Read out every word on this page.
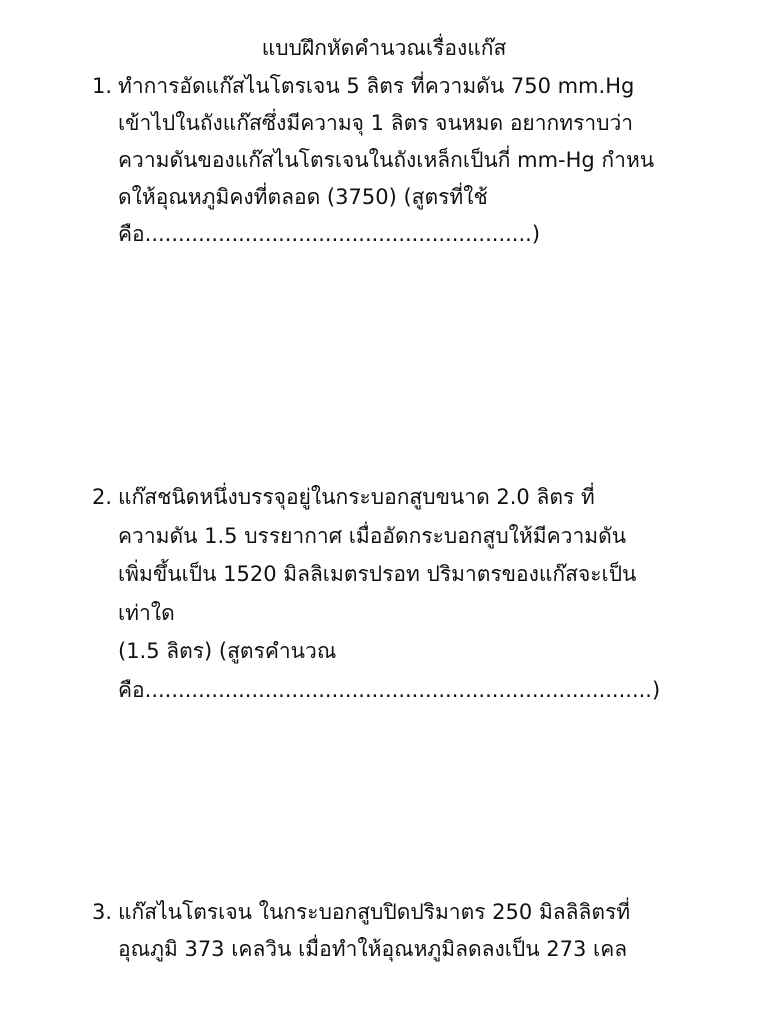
แบบฝึกหัดคำนวณเรื่องแก๊ส
1. ทำการอัดแก๊สไนโตรเจน 5 ลิตร ที่ความดัน 750 mm.Hg
เข้าไปในถังแก๊สซึ่งมีความจุ 1 ลิตร จนหมด อยากทราบว่า
ความดันของแก๊สไนโตรเจนในถังเหล็กเป็นกี่ mm-Hg กำหน
ดให้อุณหภูมิคงที่ตลอด (3750) (สูตรที่ใช้
คือ..........................................................)
2. แก๊สชนิดหนึ่งบรรจุอยู่ในกระบอกสูบขนาด 2.0 ลิตร ที่
ความดัน 1.5 บรรยากาศ เมื่ออัดกระบอกสูบให้มีความดัน
เพิ่มขึ้นเป็น 1520 มิลลิเมตรปรอท ปริมาตรของแก๊สจะเป็น
เท่าใด
(1.5 ลิตร) (สูตรคำนวณ
คือ............................................................................)
3. แก๊สไนโตรเจน ในกระบอกสูบปิดปริมาตร 250 มิลลิลิตรที่
อุณภูมิ 373 เคลวิน เมื่อทำให้อุณหภูมิลดลงเป็น 273 เคล
